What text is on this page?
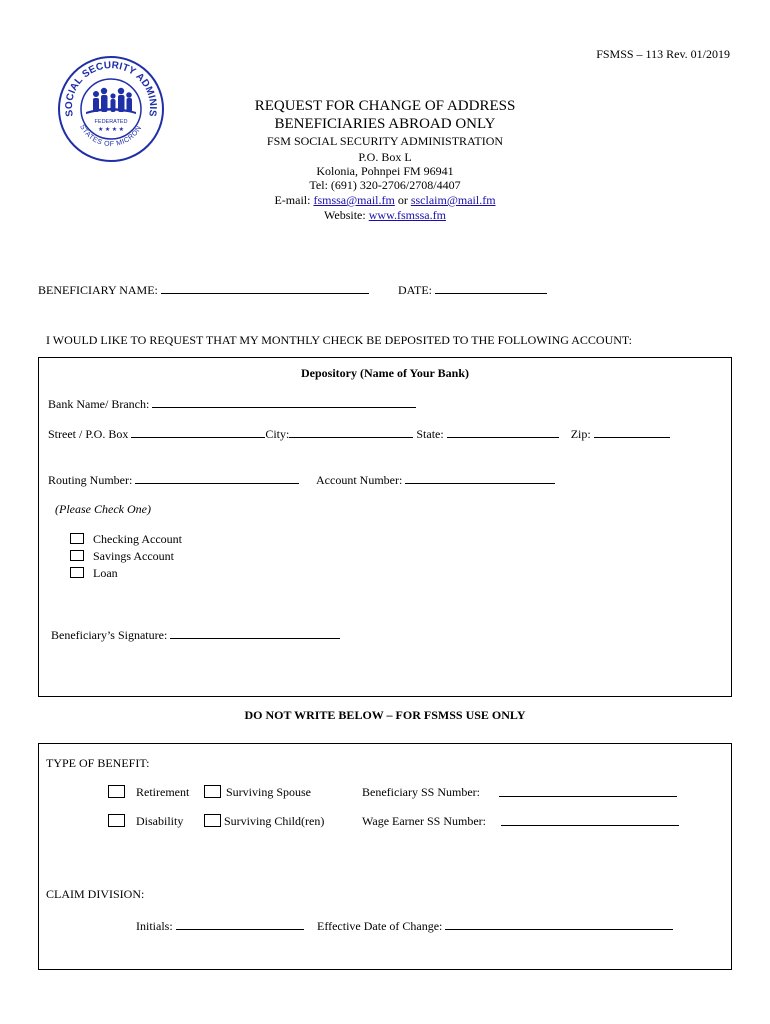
FSMSS – 113 Rev. 01/2019
SOCIAL SECURITY ADMINIS
STATES OF MICRON
FEDERATED
★ ★ ★ ★
REQUEST FOR CHANGE OF ADDRESS
BENEFICIARIES ABROAD ONLY
FSM SOCIAL SECURITY ADMINISTRATION
P.O. Box L
Kolonia, Pohnpei FM 96941
Tel: (691) 320-2706/2708/4407
E-mail: fsmssa@mail.fm or ssclaim@mail.fm
Website: www.fsmssa.fm
BENEFICIARY NAME:	DATE:
I WOULD LIKE TO REQUEST THAT MY MONTHLY CHECK BE DEPOSITED TO THE FOLLOWING ACCOUNT:
Depository (Name of Your Bank)
Bank Name/ Branch:
Street / P.O. Box	City:	State:	Zip:
Routing Number:	Account Number:
(Please Check One)
Checking Account
Savings Account
Loan
Beneficiary’s Signature:
DO NOT WRITE BELOW – FOR FSMSS USE ONLY
TYPE OF BENEFIT:
Retirement	Surviving Spouse	Beneficiary SS Number:
Disability	Surviving Child(ren)	Wage Earner SS Number:
CLAIM DIVISION:
Initials:	Effective Date of Change:
